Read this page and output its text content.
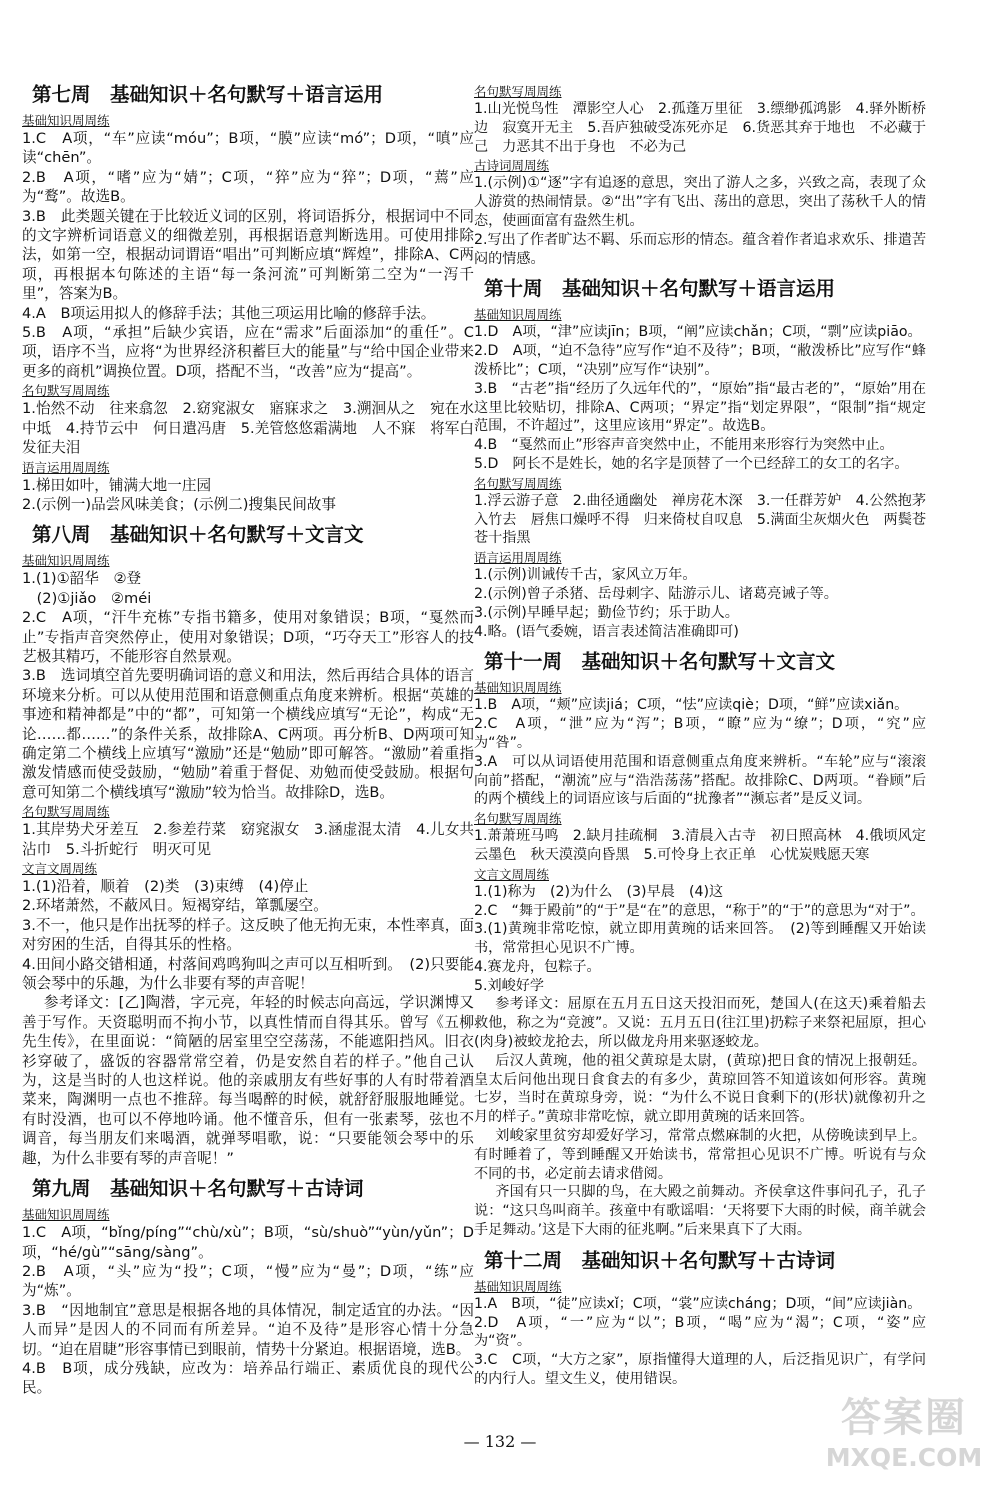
第七周　基础知识＋名句默写＋语言运用
基础知识周周练

1.C　A项，“车”应读“móu”；B项，“膜”应读“mó”；D项，“嗔”应读“chēn”。

2.B　A项，“嗜”应为“婧”；C项，“猝”应为“猝”；D项，“蔫”应为“鹜”。故选B。

3.B　此类题关键在于比较近义词的区别，将词语拆分，根据词中不同的文字辨析词语意义的细微差别，再根据语意判断选用。可使用排除法，如第一空，根据动词谓语“唱出”可判断应填“辉煌”，排除A、C两项，再根据本句陈述的主语“每一条河流”可判断第二空为“一泻千里”，答案为B。

4.A　B项运用拟人的修辞手法；其他三项运用比喻的修辞手法。

5.B　A项，“承担”后缺少宾语，应在“需求”后面添加“的重任”。C项，语序不当，应将“为世界经济积蓄巨大的能量”与“给中国企业带来更多的商机”调换位置。D项，搭配不当，“改善”应为“提高”。

名句默写周周练

1.怡然不动　往来翕忽　2.窈窕淑女　寤寐求之　3.溯洄从之　宛在水中坻　4.持节云中　何日遣冯唐　5.羌管悠悠霜满地　人不寐　将军白发征夫泪

语言运用周周练

1.梯田如叶，铺满大地一庄园

2.(示例一)品尝风味美食；(示例二)搜集民间故事

第八周　基础知识＋名句默写＋文言文
基础知识周周练

1.(1)①韶华　②登

(2)①jiǎo　②méi

2.C　A项，“汗牛充栋”专指书籍多，使用对象错误；B项，“戛然而止”专指声音突然停止，使用对象错误；D项，“巧夺天工”形容人的技艺极其精巧，不能形容自然景观。

3.B　选词填空首先要明确词语的意义和用法，然后再结合具体的语言环境来分析。可以从使用范围和语意侧重点角度来辨析。根据“英雄的事迹和精神都是”中的“都”，可知第一个横线应填写“无论”，构成“无论……都……”的条件关系，故排除A、C两项。再分析B、D两项可知确定第二个横线上应填写“激励”还是“勉励”即可解答。“激励”着重指激发情感而使受鼓励，“勉励”着重于督促、劝勉而使受鼓励。根据句意可知第二个横线填写“激励”较为恰当。故排除D，选B。

名句默写周周练

1.其岸势犬牙差互　2.参差荇菜　窈窕淑女　3.涵虚混太清　4.儿女共沾巾　5.斗折蛇行　明灭可见

文言文周周练

1.(1)沿着，顺着　(2)类　(3)束缚　(4)停止

2.环堵萧然，不蔽风日。短褐穿结，箪瓢屡空。

3.不一，他只是作出抚琴的样子。这反映了他无拘无束，本性率真，面对穷困的生活，自得其乐的性格。

4.田间小路交错相通，村落间鸡鸣狗叫之声可以互相听到。　(2)只要能领会琴中的乐趣，为什么非要有琴的声音呢！

参考译文：[乙]陶潜，字元亮，年轻的时候志向高远，学识渊博又善于写作。天资聪明而不拘小节，以真性情而自得其乐。曾写《五柳先生传》，在里面说：“简陋的居室里空空荡荡，不能遮阳挡风。旧衣衫穿破了，盛饭的容器常常空着，仍是安然自若的样子。”他自己认为，这是当时的人也这样说。他的亲戚朋友有些好事的人有时带着酒菜来，陶渊明一点也不推辞。每当喝醉的时候，就舒舒服服地睡觉。有时没酒，也可以不停地吟诵。他不懂音乐，但有一张素琴，弦也不调音，每当朋友们来喝酒，就弹琴唱歌，说：“只要能领会琴中的乐趣，为什么非要有琴的声音呢！”

第九周　基础知识＋名句默写＋古诗词
基础知识周周练

1.C　A项，“bǐng/píng”“chù/xù”；B项，“sù/shuò”“yùn/yǔn”；D项，“hé/gù”“sāng/sàng”。

2.B　A项，“头”应为“投”；C项，“慢”应为“曼”；D项，“练”应为“炼”。

3.B　“因地制宜”意思是根据各地的具体情况，制定适宜的办法。“因人而异”是因人的不同而有所差异。“迫不及待”是形容心情十分急切。“迫在眉睫”形容事情已到眼前，情势十分紧迫。根据语境，选B。

4.B　B项，成分残缺，应改为：培养品行端正、素质优良的现代公民。

名句默写周周练

1.山光悦鸟性　潭影空人心　2.孤蓬万里征　3.缥缈孤鸿影　4.驿外断桥边　寂寞开无主　5.吾庐独破受冻死亦足　6.货恶其弃于地也　不必藏于己　力恶其不出于身也　不必为己

古诗词周周练

1.(示例)①“逐”字有追逐的意思，突出了游人之多，兴致之高，表现了众人游赏的热闹情景。②“出”字有飞出、荡出的意思，突出了荡秋千人的情态，使画面富有盎然生机。

2.写出了作者旷达不羁、乐而忘形的情态。蕴含着作者追求欢乐、排遣苦闷的情感。

第十周　基础知识＋名句默写＋语言运用
基础知识周周练

1.D　A项，“津”应读jīn；B项，“阐”应读chǎn；C项，“剽”应读piāo。

2.D　A项，“迫不急待”应写作“迫不及待”；B项，“敝泼桥比”应写作“蜂泼桥比”；C项，“决别”应写作“诀别”。

3.B　“古老”指“经历了久远年代的”，“原始”指“最古老的”，“原始”用在这里比较贴切，排除A、C两项；“界定”指“划定界限”，“限制”指“规定范围，不许超过”，这里应该用“界定”。故选B。

4.B　“戛然而止”形容声音突然中止，不能用来形容行为突然中止。

5.D　阿长不是姓长，她的名字是顶替了一个已经辞工的女工的名字。

名句默写周周练

1.浮云游子意　2.曲径通幽处　禅房花木深　3.一任群芳妒　4.公然抱茅入竹去　唇焦口燥呼不得　归来倚杖自叹息　5.满面尘灰烟火色　两鬓苍苍十指黑

语言运用周周练

1.(示例)训诫传千古，家风立万年。

2.(示例)曾子杀猪、岳母刺字、陆游示儿、诸葛亮诫子等。

3.(示例)早睡早起；勤俭节约；乐于助人。

4.略。(语气委婉，语言表述简洁准确即可)

第十一周　基础知识＋名句默写＋文言文
基础知识周周练

1.B　A项，“颊”应读jiá；C项，“怯”应读qiè；D项，“鲜”应读xiǎn。

2.C　A项，“泄”应为“泻”；B项，“瞭”应为“缭”；D项，“究”应为“咎”。

3.A　可以从词语使用范围和语意侧重点角度来辨析。“车轮”应与“滚滚向前”搭配，“潮流”应与“浩浩荡荡”搭配。故排除C、D两项。“眷顾”后的两个横线上的词语应该与后面的“扰豫者”“濒忘者”是反义词。

名句默写周周练

1.萧萧班马鸣　2.缺月挂疏桐　3.清晨入古寺　初日照高林　4.俄顷风定云墨色　秋天漠漠向昏黑　5.可怜身上衣正单　心忧炭贱愿天寒

文言文周周练

1.(1)称为　(2)为什么　(3)早晨　(4)这

2.C　“舞于殿前”的“于”是“在”的意思，“称于”的“于”的意思为“对于”。

3.(1)黄琬非常吃惊，就立即用黄琬的话来回答。　(2)等到睡醒又开始读书，常常担心见识不广博。

4.赛龙舟，包粽子。

5.刘峻好学

参考译文：屈原在五月五日这天投汨而死，楚国人(在这天)乘着船去救他，称之为“竞渡”。又说：五月五日(往江里)扔粽子来祭祀屈原，担心(肉身)被蛟龙抢去，所以做龙舟用来驱逐蛟龙。

后汉人黄琬，他的祖父黄琼是太尉，(黄琼)把日食的情况上报朝廷。皇太后问他出现日食食去的有多少，黄琼回答不知道该如何形容。黄琬七岁，当时在黄琼身旁，说：“为什么不说日食剩下的(形状)就像初升之月的样子。”黄琼非常吃惊，就立即用黄琬的话来回答。

刘峻家里贫穷却爱好学习，常常点燃麻制的火把，从傍晚读到早上。有时睡着了，等到睡醒又开始读书，常常担心见识不广博。听说有与众不同的书，必定前去请求借阅。

齐国有只一只脚的鸟，在大殿之前舞动。齐侯拿这件事问孔子，孔子说：“这只鸟叫商羊。孩童中有歌谣唱：‘天将要下大雨的时候，商羊就会手足舞动。’这是下大雨的征兆啊。”后来果真下了大雨。

第十二周　基础知识＋名句默写＋古诗词
基础知识周周练

1.A　B项，“徒”应读xǐ；C项，“裳”应读cháng；D项，“间”应读jiàn。

2.D　A项，“一”应为“以”；B项，“喝”应为“渴”；C项，“姿”应为“资”。

3.C　C项，“大方之家”，原指懂得大道理的人，后泛指见识广，有学问的内行人。望文生义，使用错误。

— 132 —
答案圈
MXQE.COM
